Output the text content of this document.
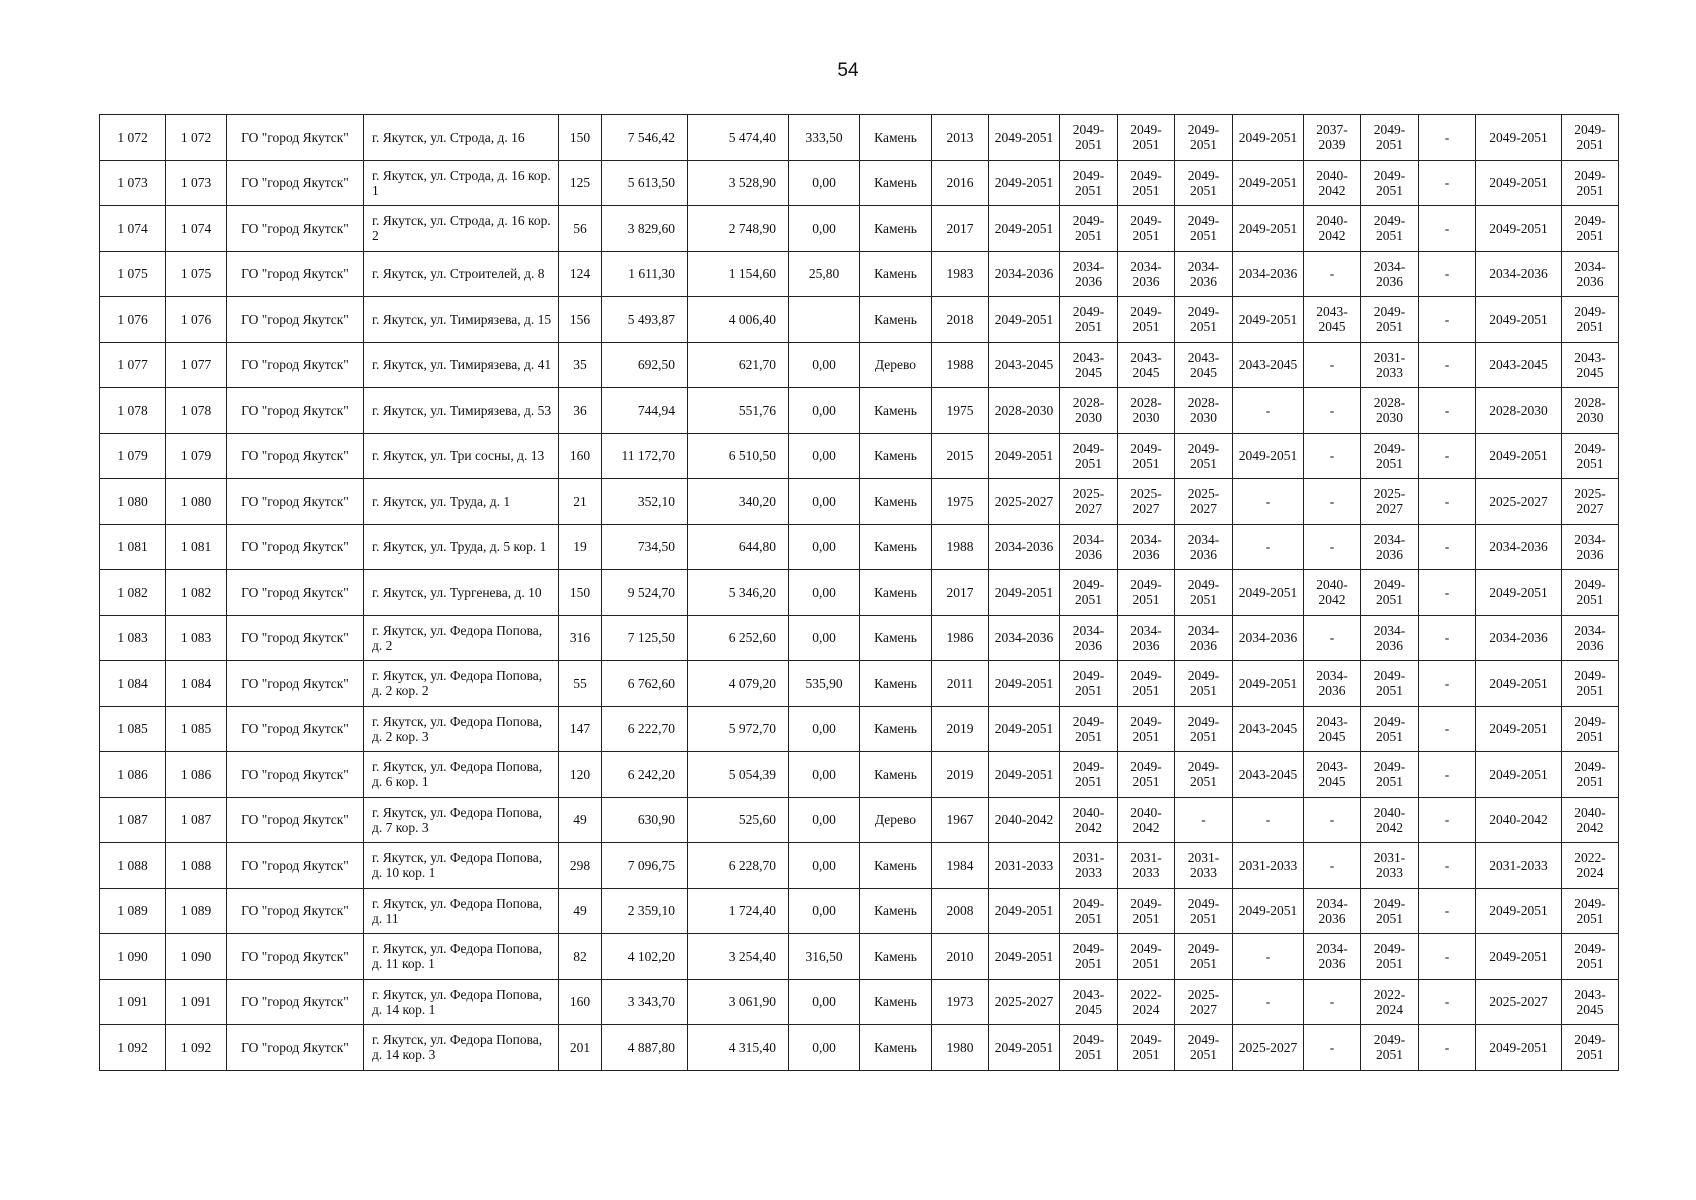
54
1 072	1 072	ГО "город Якутск"	г. Якутск, ул. Строда, д. 16	150	7 546,42	5 474,40	333,50	Камень	2013	2049-2051	2049-2051	2049-2051	2049-2051	2049-2051	2037-2039	2049-2051	-	2049-2051	2049-2051
1 073	1 073	ГО "город Якутск"	г. Якутск, ул. Строда, д. 16 кор. 1	125	5 613,50	3 528,90	0,00	Камень	2016	2049-2051	2049-2051	2049-2051	2049-2051	2049-2051	2040-2042	2049-2051	-	2049-2051	2049-2051
1 074	1 074	ГО "город Якутск"	г. Якутск, ул. Строда, д. 16 кор. 2	56	3 829,60	2 748,90	0,00	Камень	2017	2049-2051	2049-2051	2049-2051	2049-2051	2049-2051	2040-2042	2049-2051	-	2049-2051	2049-2051
1 075	1 075	ГО "город Якутск"	г. Якутск, ул. Строителей, д. 8	124	1 611,30	1 154,60	25,80	Камень	1983	2034-2036	2034-2036	2034-2036	2034-2036	2034-2036	-	2034-2036	-	2034-2036	2034-2036
1 076	1 076	ГО "город Якутск"	г. Якутск, ул. Тимирязева, д. 15	156	5 493,87	4 006,40		Камень	2018	2049-2051	2049-2051	2049-2051	2049-2051	2049-2051	2043-2045	2049-2051	-	2049-2051	2049-2051
1 077	1 077	ГО "город Якутск"	г. Якутск, ул. Тимирязева, д. 41	35	692,50	621,70	0,00	Дерево	1988	2043-2045	2043-2045	2043-2045	2043-2045	2043-2045	-	2031-2033	-	2043-2045	2043-2045
1 078	1 078	ГО "город Якутск"	г. Якутск, ул. Тимирязева, д. 53	36	744,94	551,76	0,00	Камень	1975	2028-2030	2028-2030	2028-2030	2028-2030	-	-	2028-2030	-	2028-2030	2028-2030
1 079	1 079	ГО "город Якутск"	г. Якутск, ул. Три сосны, д. 13	160	11 172,70	6 510,50	0,00	Камень	2015	2049-2051	2049-2051	2049-2051	2049-2051	2049-2051	-	2049-2051	-	2049-2051	2049-2051
1 080	1 080	ГО "город Якутск"	г. Якутск, ул. Труда, д. 1	21	352,10	340,20	0,00	Камень	1975	2025-2027	2025-2027	2025-2027	2025-2027	-	-	2025-2027	-	2025-2027	2025-2027
1 081	1 081	ГО "город Якутск"	г. Якутск, ул. Труда, д. 5 кор. 1	19	734,50	644,80	0,00	Камень	1988	2034-2036	2034-2036	2034-2036	2034-2036	-	-	2034-2036	-	2034-2036	2034-2036
1 082	1 082	ГО "город Якутск"	г. Якутск, ул. Тургенева, д. 10	150	9 524,70	5 346,20	0,00	Камень	2017	2049-2051	2049-2051	2049-2051	2049-2051	2049-2051	2040-2042	2049-2051	-	2049-2051	2049-2051
1 083	1 083	ГО "город Якутск"	г. Якутск, ул. Федора Попова, д. 2	316	7 125,50	6 252,60	0,00	Камень	1986	2034-2036	2034-2036	2034-2036	2034-2036	2034-2036	-	2034-2036	-	2034-2036	2034-2036
1 084	1 084	ГО "город Якутск"	г. Якутск, ул. Федора Попова, д. 2 кор. 2	55	6 762,60	4 079,20	535,90	Камень	2011	2049-2051	2049-2051	2049-2051	2049-2051	2049-2051	2034-2036	2049-2051	-	2049-2051	2049-2051
1 085	1 085	ГО "город Якутск"	г. Якутск, ул. Федора Попова, д. 2 кор. 3	147	6 222,70	5 972,70	0,00	Камень	2019	2049-2051	2049-2051	2049-2051	2049-2051	2043-2045	2043-2045	2049-2051	-	2049-2051	2049-2051
1 086	1 086	ГО "город Якутск"	г. Якутск, ул. Федора Попова, д. 6 кор. 1	120	6 242,20	5 054,39	0,00	Камень	2019	2049-2051	2049-2051	2049-2051	2049-2051	2043-2045	2043-2045	2049-2051	-	2049-2051	2049-2051
1 087	1 087	ГО "город Якутск"	г. Якутск, ул. Федора Попова, д. 7 кор. 3	49	630,90	525,60	0,00	Дерево	1967	2040-2042	2040-2042	2040-2042	-	-	-	2040-2042	-	2040-2042	2040-2042
1 088	1 088	ГО "город Якутск"	г. Якутск, ул. Федора Попова, д. 10 кор. 1	298	7 096,75	6 228,70	0,00	Камень	1984	2031-2033	2031-2033	2031-2033	2031-2033	2031-2033	-	2031-2033	-	2031-2033	2022-2024
1 089	1 089	ГО "город Якутск"	г. Якутск, ул. Федора Попова, д. 11	49	2 359,10	1 724,40	0,00	Камень	2008	2049-2051	2049-2051	2049-2051	2049-2051	2049-2051	2034-2036	2049-2051	-	2049-2051	2049-2051
1 090	1 090	ГО "город Якутск"	г. Якутск, ул. Федора Попова, д. 11 кор. 1	82	4 102,20	3 254,40	316,50	Камень	2010	2049-2051	2049-2051	2049-2051	2049-2051	-	2034-2036	2049-2051	-	2049-2051	2049-2051
1 091	1 091	ГО "город Якутск"	г. Якутск, ул. Федора Попова, д. 14 кор. 1	160	3 343,70	3 061,90	0,00	Камень	1973	2025-2027	2043-2045	2022-2024	2025-2027	-	-	2022-2024	-	2025-2027	2043-2045
1 092	1 092	ГО "город Якутск"	г. Якутск, ул. Федора Попова, д. 14 кор. 3	201	4 887,80	4 315,40	0,00	Камень	1980	2049-2051	2049-2051	2049-2051	2049-2051	2025-2027	-	2049-2051	-	2049-2051	2049-2051
